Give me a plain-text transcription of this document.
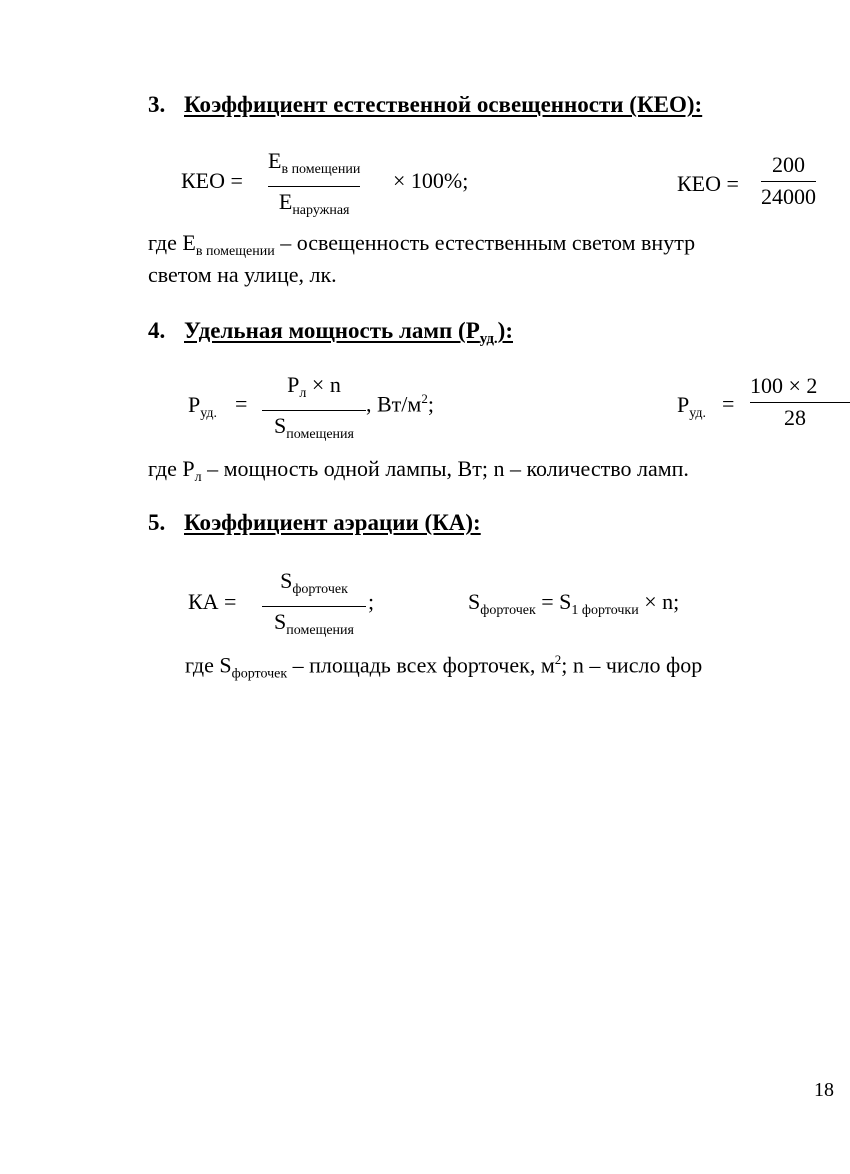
3. Коэффициент естественной освещенности (КЕО):
КЕО =
$Е_{в помещении}$
$Е_{наружная}$
× 100%;	КЕО =
200
24000
где $Е_{в помещении}$ – освещенность естественным светом внутр
светом на улице, лк.
4. Удельная мощность ламп $(Р_{уд.})$:
$Р_{уд.}$ =
$Р_л \times n$
$S_{помещения}$
, $Вт/м^2$;	$Р_{уд.}$ =
100 × 2
28
где $Р_л$ – мощность одной лампы, Вт; n – количество ламп.
5. Коэффициент аэрации (КА):
КА =
$S_{форточек}$
$S_{помещения}$
;	$S_{форточек} = S_{1 форточки} \times n$;
где $S_{форточек}$ – площадь всех форточек, $м^2$; n – число фор
18
